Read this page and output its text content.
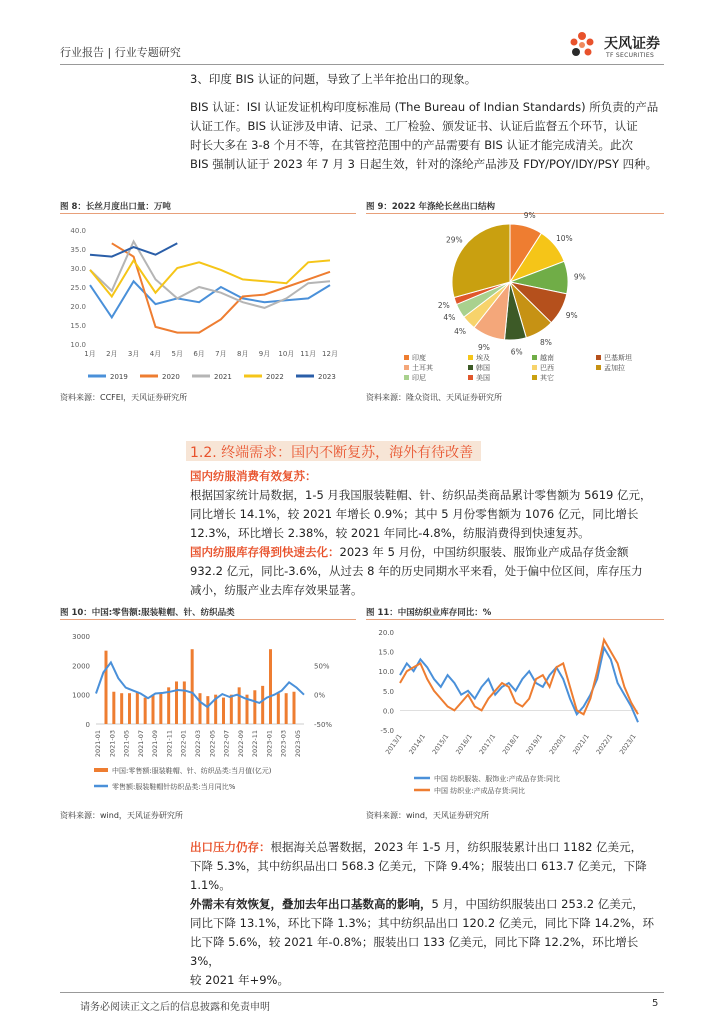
行业报告 | 行业专题研究
天风证券
TF SECURITIES
3、印度 BIS 认证的问题，导致了上半年抢出口的现象。
BIS 认证：ISI 认证发证机构印度标准局 (The Bureau of Indian Standards) 所负责的产品
认证工作。BIS 认证涉及申请、记录、工厂检验、颁发证书、认证后监督五个环节，认证
时长大多在 3-8 个月不等，在其管控范围中的产品需要有 BIS 认证才能完成清关。此次
BIS 强制认证于 2023 年 7 月 3 日起生效，针对的涤纶产品涉及 FDY/POY/IDY/PSY 四种。
图 8：长丝月度出口量：万吨
10.0
15.0
20.0
25.0
30.0
35.0
40.0
1月 2月 3月 4月 5月 6月 7月 8月 9月 10月 11月 12月
2019	2020	2021	2022	2023
资料来源：CCFEI，天风证券研究所
图 9：2022 年涤纶长丝出口结构
9%
10%
9%
9%
8%
6%
9%
4%
4%
2%
29%
印度	埃及	越南	巴基斯坦
土耳其	韩国	巴西	孟加拉
印尼	美国	其它
资料来源：隆众资讯、天风证券研究所
1.2. 终端需求：国内不断复苏，海外有待改善
国内纺服消费有效复苏：
根据国家统计局数据，1-5 月我国服装鞋帽、针、纺织品类商品累计零售额为 5619 亿元，
同比增长 14.1%，较 2021 年增长 0.9%；其中 5 月份零售额为 1076 亿元，同比增长
12.3%，环比增长 2.38%，较 2021 年同比-4.8%，纺服消费得到快速复苏。
国内纺服库存得到快速去化：2023 年 5 月份，中国纺织服装、服饰业产成品存货金额
932.2 亿元，同比-3.6%，从过去 8 年的历史同期水平来看，处于偏中位区间，库存压力
减小，纺服产业去库存效果显著。
图 10：中国:零售额:服装鞋帽、针、纺织品类
0
1000
2000
3000
-50%
0%
50%
2021-01 2021-03 2021-05 2021-07 2021-09 2021-11 2022-01 2022-03 2022-05 2022-07 2022-09 2022-11 2023-01 2023-03 2023-05
中国:零售额:服装鞋帽、针、纺织品类:当月值(亿元)
零售额:服装鞋帽针纺织品类:当月同比%
资料来源：wind，天风证券研究所
图 11：中国纺织业库存同比：%
-5.0
0.0
5.0
10.0
15.0
20.0
2013/1 2014/1 2015/1 2016/1 2017/1 2018/1 2019/1 2020/1 2021/1 2022/1 2023/1
中国 纺织服装、服饰业:产成品存货:同比
中国 纺织业:产成品存货:同比
资料来源：wind，天风证券研究所
出口压力仍存：根据海关总署数据，2023 年 1-5 月，纺织服装累计出口 1182 亿美元，
下降 5.3%，其中纺织品出口 568.3 亿美元，下降 9.4%；服装出口 613.7 亿美元，下降
1.1%。
外需未有效恢复，叠加去年出口基数高的影响，5 月，中国纺织服装出口 253.2 亿美元，
同比下降 13.1%，环比下降 1.3%；其中纺织品出口 120.2 亿美元，同比下降 14.2%，环
比下降 5.6%，较 2021 年-0.8%；服装出口 133 亿美元，同比下降 12.2%，环比增长 3%，
较 2021 年+9%。
请务必阅读正文之后的信息披露和免责申明	5
